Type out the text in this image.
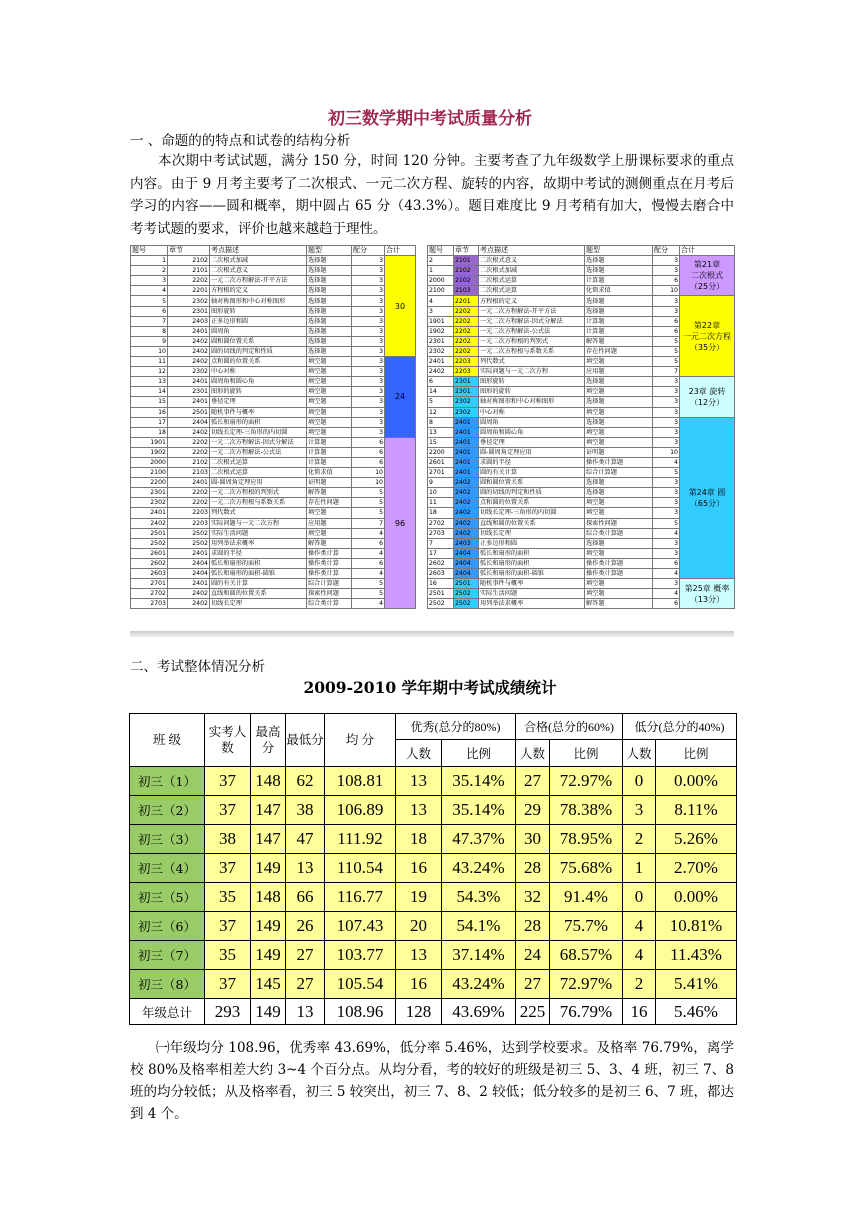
初三数学期中考试质量分析
一 、命题的的特点和试卷的结构分析
本次期中考试试题，满分 150 分，时间 120 分钟。主要考查了九年级数学上册课标要求的重点内容。由于 9 月考主要考了二次根式、一元二次方程、旋转的内容，故期中考试的测侧重点在月考后学习的内容——圆和概率，期中圆占 65 分（43.3%）。题目难度比 9 月考稍有加大，慢慢去磨合中考考试题的要求，评价也越来越趋于理性。
题号	章节	考点描述	题型	配分	合计
1	2102	二次根式加减	选择题	3	30
2	2101	二次根式意义	选择题	3	
3	2202	一元二次方程解法-开平方法	选择题	3	
4	2201	方程根的定义	选择题	3	
5	2302	轴对称图形和中心对称图形	选择题	3	
6	2301	图形旋转	选择题	3	
7	2403	正多边形和圆	选择题	3	
8	2401	圆周角	选择题	3	
9	2402	圆和圆位置关系	选择题	3	
10	2402	圆的切线的判定和性质	选择题	3	
11	2402	点和圆的位置关系	填空题	3	24
12	2302	中心对称	填空题	3	
13	2401	圆周角和圆心角	填空题	3	
14	2301	图形的旋转	填空题	3	
15	2401	垂径定理	填空题	3	
16	2501	随机事件与概率	填空题	3	
17	2404	弧长和扇形的面积	填空题	3	
18	2402	切线长定理-三角形的内切圆	填空题	3	
1901	2202	一元二次方程解法-因式分解法	计算题	6	96
1902	2202	一元二次方程解法-公式法	计算题	6	
2000	2102	二次根式运算	计算题	6	
2100	2103	二次根式运算	化简求值	10	
2200	2401	圆-圆周角定理应用	证明题	10	
2301	2202	一元二次方程根的判别式	解答题	5	
2302	2202	一元二次方程根与系数关系	存在性问题	5	
2401	2203	列代数式	填空题	5	
2402	2203	实际问题与一元二次方程	应用题	7	
2501	2502	实际生活问题	填空题	4	
2502	2502	用列举法求概率	解答题	6	
2601	2401	求圆的半径	操作类计算	4	
2602	2404	弧长和扇形的面积	操作类计算	6	
2603	2404	弧长和扇形的面积-圆锥	操作类计算	4	
2701	2401	圆的有关计算	综合计算题	5	
2702	2402	直线和圆的位置关系	探索性问题	5	
2703	2402	切线长定理	综合类计算	4	
题号	章节	考点描述	题型	配分	合计
2	2101	二次根式意义	选择题	3	第21章
二次根式
（25分）

1	2102	二次根式加减	选择题	3	
2000	2102	二次根式运算	计算题	6	
2100	2103	二次根式运算	化简求值	10	
4	2201	方程根的定义	选择题	3	第22章
一元二次方程
（35分）

3	2202	一元二次方程解法-开平方法	选择题	3	
1901	2202	一元二次方程解法-因式分解法	计算题	6	
1902	2202	一元二次方程解法-公式法	计算题	6	
2301	2202	一元二次方程根的判别式	解答题	5	
2302	2202	一元二次方程根与系数关系	存在性问题	5	
2401	2203	列代数式	填空题	5	
2402	2203	实际问题与一元二次方程	应用题	7	
6	2301	图形旋转	选择题	3	23章 旋转
（12分）

14	2301	图形的旋转	填空题	3	
5	2302	轴对称图形和中心对称图形	选择题	3	
12	2302	中心对称	填空题	3	
8	2401	圆周角	选择题	3	第24章 圆
（65分）

13	2401	圆周角和圆心角	填空题	3	
15	2401	垂径定理	填空题	3	
2200	2401	圆-圆周角定理应用	证明题	10	
2601	2401	求圆的半径	操作类计算题	4	
2701	2401	圆的有关计算	综合计算题	5	
9	2402	圆和圆位置关系	选择题	3	
10	2402	圆的切线的判定和性质	选择题	3	
11	2402	点和圆的位置关系	填空题	3	
18	2402	切线长定理-三角形的内切圆	填空题	3	
2702	2402	直线和圆的位置关系	探索性问题	5	
2703	2402	切线长定理	综合类计算题	4	
7	2403	正多边形和圆	选择题	3	
17	2404	弧长和扇形的面积	填空题	3	
2602	2404	弧长和扇形的面积	操作类计算题	6	
2603	2404	弧长和扇形的面积-圆锥	操作类计算题	4	
16	2501	随机事件与概率	填空题	3	第25章 概率
（13分）

2501	2502	实际生活问题	填空题	4	
2502	2502	用列举法求概率	解答题	6	
二、考试整体情况分析
2009-2010 学年期中考试成绩统计
班 级	实考人数	最高分	最低分	均 分	优秀(总分的80%)		合格(总分的60%)		低分(总分的40%)	
					人数	比例	人数	比例	人数	比例
初三（1）	37	148	62	108.81	13	35.14%	27	72.97%	0	0.00%
初三（2）	37	147	38	106.89	13	35.14%	29	78.38%	3	8.11%
初三（3）	38	147	47	111.92	18	47.37%	30	78.95%	2	5.26%
初三（4）	37	149	13	110.54	16	43.24%	28	75.68%	1	2.70%
初三（5）	35	148	66	116.77	19	54.3%	32	91.4%	0	0.00%
初三（6）	37	149	26	107.43	20	54.1%	28	75.7%	4	10.81%
初三（7）	35	149	27	103.77	13	37.14%	24	68.57%	4	11.43%
初三（8）	37	145	27	105.54	16	43.24%	27	72.97%	2	5.41%
年级总计	293	149	13	108.96	128	43.69%	225	76.79%	16	5.46%
㈠年级均分 108.96，优秀率 43.69%，低分率 5.46%，达到学校要求。及格率 76.79%，离学校 80%及格率相差大约 3~4 个百分点。从均分看，考的较好的班级是初三 5、3、4 班，初三 7、8 班的均分较低；从及格率看，初三 5 较突出，初三 7、8、2 较低；低分较多的是初三 6、7 班，都达到 4 个。
